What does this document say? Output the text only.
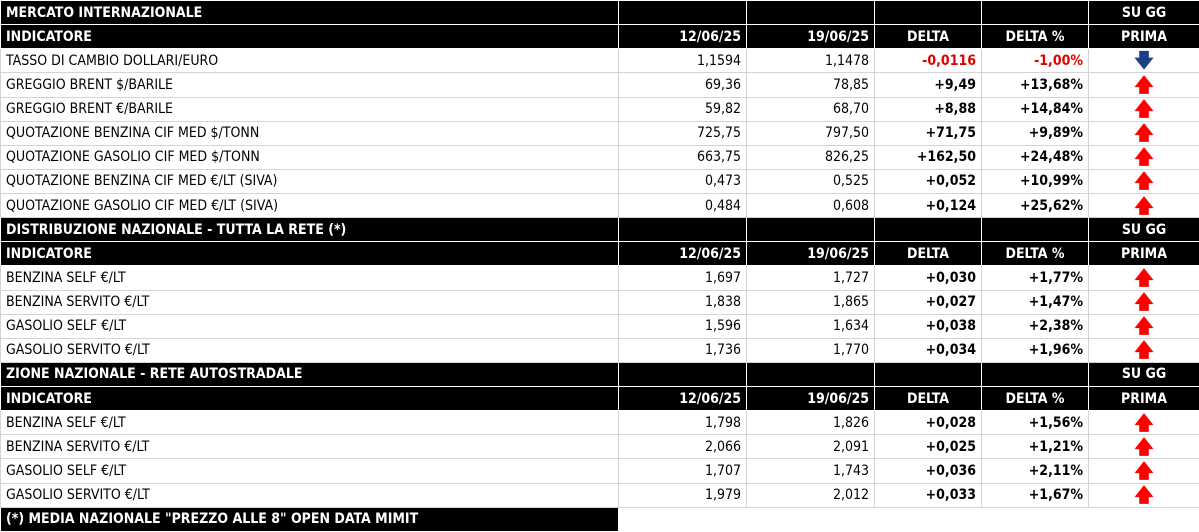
MERCATO INTERNAZIONALE					SU GG
INDICATORE	12/06/25	19/06/25	DELTA	DELTA %	PRIMA
TASSO DI CAMBIO DOLLARI/EURO	1,1594	1,1478	-0,0116	-1,00%	🡇
GREGGIO BRENT $/BARILE	69,36	78,85	+9,49	+13,68%	🡅
GREGGIO BRENT €/BARILE	59,82	68,70	+8,88	+14,84%	🡅
QUOTAZIONE BENZINA CIF MED $/TONN	725,75	797,50	+71,75	+9,89%	🡅
QUOTAZIONE GASOLIO CIF MED $/TONN	663,75	826,25	+162,50	+24,48%	🡅
QUOTAZIONE BENZINA CIF MED €/LT (SIVA)	0,473	0,525	+0,052	+10,99%	🡅
QUOTAZIONE GASOLIO CIF MED €/LT (SIVA)	0,484	0,608	+0,124	+25,62%	🡅
DISTRIBUZIONE NAZIONALE - TUTTA LA RETE (*)					SU GG
INDICATORE	12/06/25	19/06/25	DELTA	DELTA %	PRIMA
BENZINA SELF €/LT	1,697	1,727	+0,030	+1,77%	🡅
BENZINA SERVITO €/LT	1,838	1,865	+0,027	+1,47%	🡅
GASOLIO SELF €/LT	1,596	1,634	+0,038	+2,38%	🡅
GASOLIO SERVITO €/LT	1,736	1,770	+0,034	+1,96%	🡅
ZIONE NAZIONALE - RETE AUTOSTRADALE					SU GG
INDICATORE	12/06/25	19/06/25	DELTA	DELTA %	PRIMA
BENZINA SELF €/LT	1,798	1,826	+0,028	+1,56%	🡅
BENZINA SERVITO €/LT	2,066	2,091	+0,025	+1,21%	🡅
GASOLIO SELF €/LT	1,707	1,743	+0,036	+2,11%	🡅
GASOLIO SERVITO €/LT	1,979	2,012	+0,033	+1,67%	🡅
(*) MEDIA NAZIONALE "PREZZO ALLE 8" OPEN DATA MIMIT					
